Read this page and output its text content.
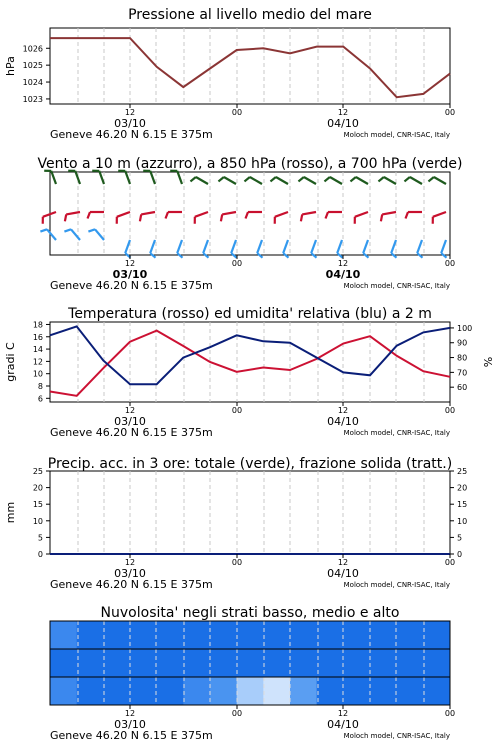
Pressione al livello medio del mare
1023
1024
1025
1026
hPa
12	00	12	00
03/10	04/10
Geneve 46.20 N 6.15 E 375m	Moloch model, CNR-ISAC, Italy
Vento a 10 m (azzurro), a 850 hPa (rosso), a 700 hPa (verde)
12	00	12	00
03/10	04/10
Geneve 46.20 N 6.15 E 375m	Moloch model, CNR-ISAC, Italy
Temperatura (rosso) ed umidita' relativa (blu) a 2 m
6
8
10
12
14
16
18
60
70
80
90
100
gradi C	%
12	00	12	00
03/10	04/10
Geneve 46.20 N 6.15 E 375m	Moloch model, CNR-ISAC, Italy
Precip. acc. in 3 ore: totale (verde), frazione solida (tratt.)
0	0
5	5
10	10
15	15
20	20
25	25
mm
12	00	12	00
03/10	04/10
Geneve 46.20 N 6.15 E 375m	Moloch model, CNR-ISAC, Italy
Nuvolosita' negli strati basso, medio e alto
12	00	12	00
03/10	04/10
Geneve 46.20 N 6.15 E 375m	Moloch model, CNR-ISAC, Italy
